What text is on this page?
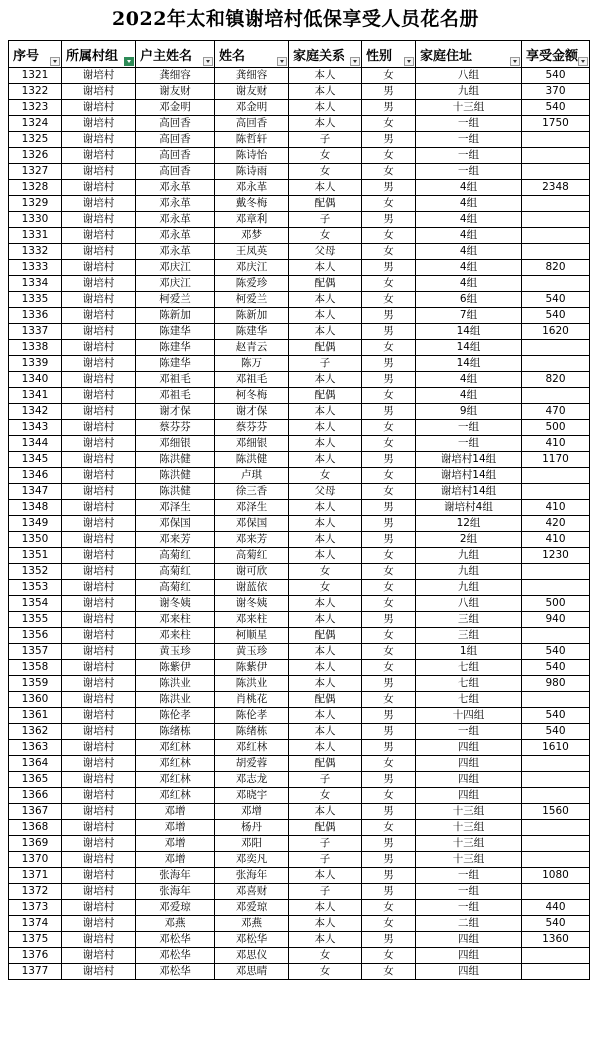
2022年太和镇谢培村低保享受人员花名册
序号	所属村组	户主姓名	姓名	家庭关系	性别	家庭住址	享受金额

1321	谢培村	龚细容	龚细容	本人	女	八组	540
1322	谢培村	谢友财	谢友财	本人	男	九组	370
1323	谢培村	邓金明	邓金明	本人	男	十三组	540
1324	谢培村	高回香	高回香	本人	女	一组	1750
1325	谢培村	高回香	陈哲轩	子	男	一组	
1326	谢培村	高回香	陈诗怡	女	女	一组	
1327	谢培村	高回香	陈诗雨	女	女	一组	
1328	谢培村	邓永革	邓永革	本人	男	4组	2348
1329	谢培村	邓永革	戴冬梅	配偶	女	4组	
1330	谢培村	邓永革	邓章利	子	男	4组	
1331	谢培村	邓永革	邓梦	女	女	4组	
1332	谢培村	邓永革	王凤英	父母	女	4组	
1333	谢培村	邓庆江	邓庆江	本人	男	4组	820
1334	谢培村	邓庆江	陈爱珍	配偶	女	4组	
1335	谢培村	柯爱兰	柯爱兰	本人	女	6组	540
1336	谢培村	陈新加	陈新加	本人	男	7组	540
1337	谢培村	陈建华	陈建华	本人	男	14组	1620
1338	谢培村	陈建华	赵青云	配偶	女	14组	
1339	谢培村	陈建华	陈万	子	男	14组	
1340	谢培村	邓祖毛	邓祖毛	本人	男	4组	820
1341	谢培村	邓祖毛	柯冬梅	配偶	女	4组	
1342	谢培村	谢才保	谢才保	本人	男	9组	470
1343	谢培村	蔡芬芬	蔡芬芬	本人	女	一组	500
1344	谢培村	邓细银	邓细银	本人	女	一组	410
1345	谢培村	陈洪健	陈洪健	本人	男	谢培村14组	1170
1346	谢培村	陈洪健	卢琪	女	女	谢培村14组	
1347	谢培村	陈洪健	徐三香	父母	女	谢培村14组	
1348	谢培村	邓泽生	邓泽生	本人	男	谢培村4组	410
1349	谢培村	邓保国	邓保国	本人	男	12组	420
1350	谢培村	邓来芳	邓来芳	本人	男	2组	410
1351	谢培村	高菊红	高菊红	本人	女	九组	1230
1352	谢培村	高菊红	谢可欣	女	女	九组	
1353	谢培村	高菊红	谢蓝依	女	女	九组	
1354	谢培村	谢冬姨	谢冬姨	本人	女	八组	500
1355	谢培村	邓来柱	邓来柱	本人	男	三组	940
1356	谢培村	邓来柱	柯顺星	配偶	女	三组	
1357	谢培村	黄玉珍	黄玉珍	本人	女	1组	540
1358	谢培村	陈紫伊	陈紫伊	本人	女	七组	540
1359	谢培村	陈洪业	陈洪业	本人	男	七组	980
1360	谢培村	陈洪业	肖桃花	配偶	女	七组	
1361	谢培村	陈伦孝	陈伦孝	本人	男	十四组	540
1362	谢培村	陈绪栋	陈绪栋	本人	男	一组	540
1363	谢培村	邓红林	邓红林	本人	男	四组	1610
1364	谢培村	邓红林	胡爱蓉	配偶	女	四组	
1365	谢培村	邓红林	邓志龙	子	男	四组	
1366	谢培村	邓红林	邓晓宇	女	女	四组	
1367	谢培村	邓增	邓增	本人	男	十三组	1560
1368	谢培村	邓增	杨丹	配偶	女	十三组	
1369	谢培村	邓增	邓阳	子	男	十三组	
1370	谢培村	邓增	邓奕凡	子	男	十三组	
1371	谢培村	张海年	张海年	本人	男	一组	1080
1372	谢培村	张海年	邓喜财	子	男	一组	
1373	谢培村	邓爱琼	邓爱琼	本人	女	一组	440
1374	谢培村	邓燕	邓燕	本人	女	二组	540
1375	谢培村	邓松华	邓松华	本人	男	四组	1360
1376	谢培村	邓松华	邓思仪	女	女	四组	
1377	谢培村	邓松华	邓思晴	女	女	四组	
